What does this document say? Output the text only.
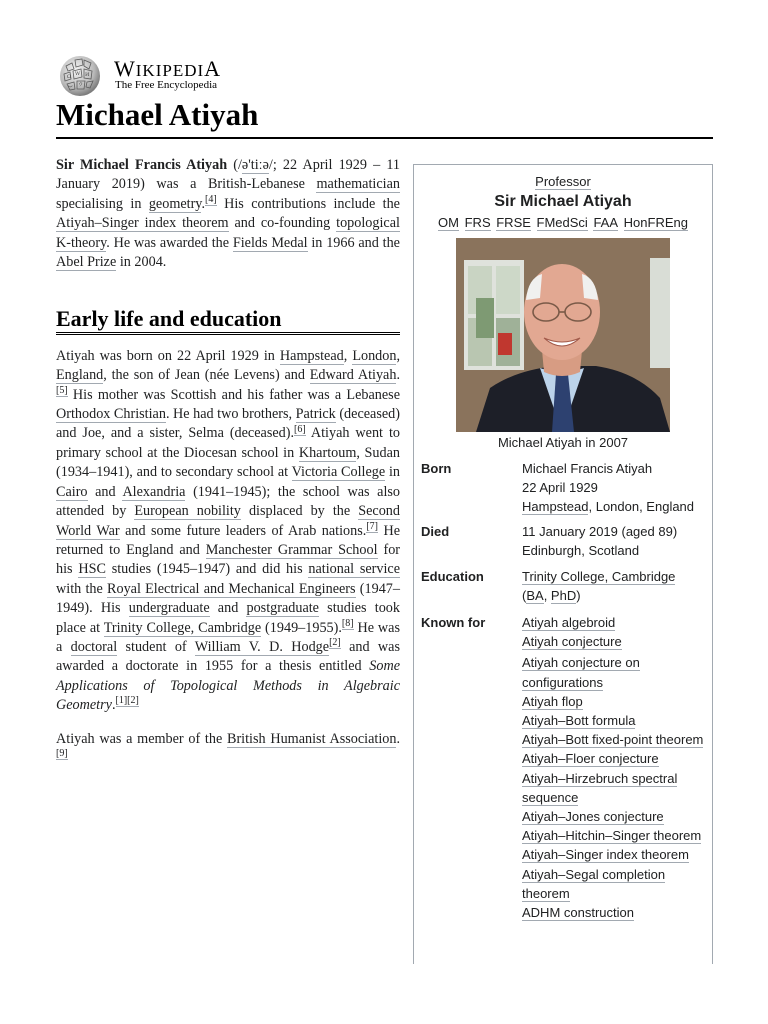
W И
Ω
ウ
ب
WIKIPEDIA
The Free Encyclopedia
Michael Atiyah

Sir Michael Francis Atiyah (/ə'tiːə/; 22 April 1929 – 11 January 2019) was a British-Lebanese mathematician specialising in geometry.[4] His contributions include the Atiyah–Singer index theorem and co-founding topological K-theory. He was awarded the Fields Medal in 1966 and the Abel Prize in 2004.

Early life and education

Atiyah was born on 22 April 1929 in Hampstead, London, England, the son of Jean (née Levens) and Edward Atiyah.[5] His mother was Scottish and his father was a Lebanese Orthodox Christian. He had two brothers, Patrick (deceased) and Joe, and a sister, Selma (deceased).[6] Atiyah went to primary school at the Diocesan school in Khartoum, Sudan (1934–1941), and to secondary school at Victoria College in Cairo and Alexandria (1941–1945); the school was also attended by European nobility displaced by the Second World War and some future leaders of Arab nations.[7] He returned to England and Manchester Grammar School for his HSC studies (1945–1947) and did his national service with the Royal Electrical and Mechanical Engineers (1947–1949). His undergraduate and postgraduate studies took place at Trinity College, Cambridge (1949–1955).[8] He was a doctoral student of William V. D. Hodge[2] and was awarded a doctorate in 1955 for a thesis entitled Some Applications of Topological Methods in Algebraic Geometry.[1][2]

Atiyah was a member of the British Humanist Association.[9]

Professor
Sir Michael Atiyah
OM FRS FRSE FMedSci FAA HonFREng
Michael Atiyah in 2007
Born	Michael Francis Atiyah
22 April 1929
Hampstead, London, England
Died	11 January 2019 (aged 89)
Edinburgh, Scotland
Education	Trinity College, Cambridge
(BA, PhD)
Known for	Atiyah algebroid
Atiyah conjecture
Atiyah conjecture on configurations
Atiyah flop
Atiyah–Bott formula
Atiyah–Bott fixed-point theorem
Atiyah–Floer conjecture
Atiyah–Hirzebruch spectral sequence
Atiyah–Jones conjecture
Atiyah–Hitchin–Singer theorem
Atiyah–Singer index theorem
Atiyah–Segal completion theorem
ADHM construction
